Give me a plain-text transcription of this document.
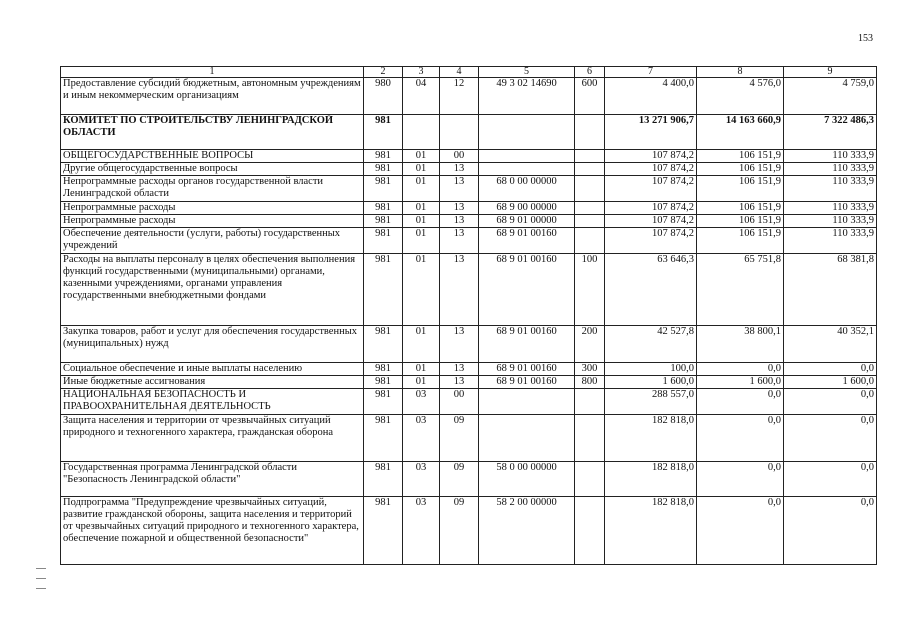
153
1	2	3	4	5	6	7	8	9
Предоставление субсидий бюджетным, автономным учреждениям и иным некоммерческим организациям	980	04	12	49 3 02 14690	600	4 400,0	4 576,0	4 759,0
КОМИТЕТ ПО СТРОИТЕЛЬСТВУ ЛЕНИНГРАДСКОЙ ОБЛАСТИ	981					13 271 906,7	14 163 660,9	7 322 486,3
ОБЩЕГОСУДАРСТВЕННЫЕ ВОПРОСЫ	981	01	00			107 874,2	106 151,9	110 333,9
Другие общегосударственные вопросы	981	01	13			107 874,2	106 151,9	110 333,9
Непрограммные расходы органов государственной власти Ленинградской области	981	01	13	68 0 00 00000		107 874,2	106 151,9	110 333,9
Непрограммные расходы	981	01	13	68 9 00 00000		107 874,2	106 151,9	110 333,9
Непрограммные расходы	981	01	13	68 9 01 00000		107 874,2	106 151,9	110 333,9
Обеспечение деятельности (услуги, работы) государственных учреждений	981	01	13	68 9 01 00160		107 874,2	106 151,9	110 333,9
Расходы на выплаты персоналу в целях обеспечения выполнения функций государственными (муниципальными) органами, казенными учреждениями, органами управления государственными внебюджетными фондами	981	01	13	68 9 01 00160	100	63 646,3	65 751,8	68 381,8
Закупка товаров, работ и услуг для обеспечения государственных (муниципальных) нужд	981	01	13	68 9 01 00160	200	42 527,8	38 800,1	40 352,1
Социальное обеспечение и иные выплаты населению	981	01	13	68 9 01 00160	300	100,0	0,0	0,0
Иные бюджетные ассигнования	981	01	13	68 9 01 00160	800	1 600,0	1 600,0	1 600,0
НАЦИОНАЛЬНАЯ БЕЗОПАСНОСТЬ И ПРАВООХРАНИТЕЛЬНАЯ ДЕЯТЕЛЬНОСТЬ	981	03	00			288 557,0	0,0	0,0
Защита населения и территории от чрезвычайных ситуаций природного и техногенного характера, гражданская оборона	981	03	09			182 818,0	0,0	0,0
Государственная программа Ленинградской области "Безопасность Ленинградской области"	981	03	09	58 0 00 00000		182 818,0	0,0	0,0
Подпрограмма "Предупреждение чрезвычайных ситуаций, развитие гражданской обороны, защита населения и территорий от чрезвычайных ситуаций природного и техногенного характера, обеспечение пожарной и общественной безопасности"	981	03	09	58 2 00 00000		182 818,0	0,0	0,0
